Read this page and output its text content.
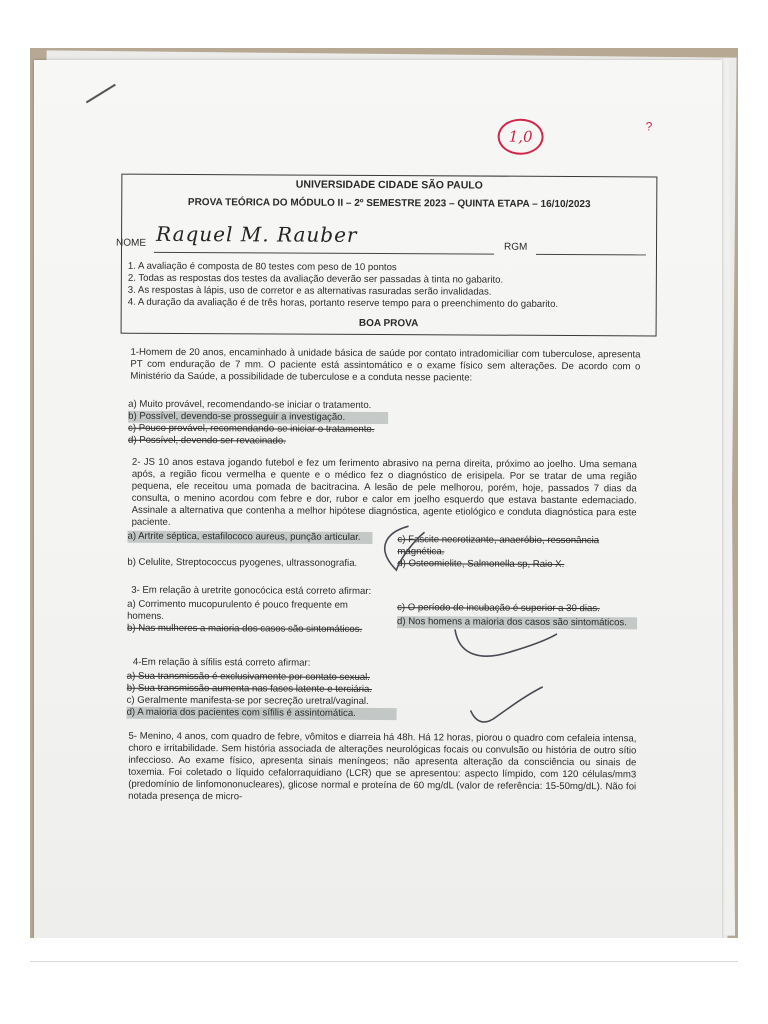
1,0
?
UNIVERSIDADE CIDADE SÃO PAULO
PROVA TEÓRICA DO MÓDULO II – 2º SEMESTRE 2023 – QUINTA ETAPA – 16/10/2023
NOME Raquel M. Rauber
RGM
1. A avaliação é composta de 80 testes com peso de 10 pontos
2. Todas as respostas dos testes da avaliação deverão ser passadas à tinta no gabarito.
3. As respostas à lápis, uso de corretor e as alternativas rasuradas serão invalidadas.
4. A duração da avaliação é de três horas, portanto reserve tempo para o preenchimento do gabarito.
BOA PROVA
1-Homem de 20 anos, encaminhado à unidade básica de saúde por contato intradomiciliar com tuberculose, apresenta PT com enduração de 7 mm. O paciente está assintomático e o exame físico sem alterações. De acordo com o Ministério da Saúde, a possibilidade de tuberculose e a conduta nesse paciente:
a) Muito provável, recomendando-se iniciar o tratamento.
b) Possível, devendo-se prosseguir a investigação.
c) Pouco provável, recomendando-se iniciar o tratamento.
d) Possível, devendo ser revacinado.
2- JS 10 anos estava jogando futebol e fez um ferimento abrasivo na perna direita, próximo ao joelho. Uma semana após, a região ficou vermelha e quente e o médico fez o diagnóstico de erisipela. Por se tratar de uma região pequena, ele receitou uma pomada de bacitracina. A lesão de pele melhorou, porém, hoje, passados 7 dias da consulta, o menino acordou com febre e dor, rubor e calor em joelho esquerdo que estava bastante edemaciado. Assinale a alternativa que contenha a melhor hipótese diagnóstica, agente etiológico e conduta diagnóstica para este paciente.
a) Artrite séptica, estafilococo aureus, punção articular.
b) Celulite, Streptococcus pyogenes, ultrassonografia.
c) Fascite necrotizante, anaeróbio, ressonância magnética.
d) Osteomielite, Salmonella sp, Raio X.
3- Em relação à uretrite gonocócica está correto afirmar:
a) Corrimento mucopurulento é pouco frequente em homens.
b) Nas mulheres a maioria dos casos são sintomáticos.
c) O período de incubação é superior a 30 dias.
d) Nos homens a maioria dos casos são sintomáticos.
4-Em relação à sífilis está correto afirmar:
a) Sua transmissão é exclusivamente por contato sexual.
b) Sua transmissão aumenta nas fases latente e terciária.
c) Geralmente manifesta-se por secreção uretral/vaginal.
d) A maioria dos pacientes com sífilis é assintomática.
5- Menino, 4 anos, com quadro de febre, vômitos e diarreia há 48h. Há 12 horas, piorou o quadro com cefaleia intensa, choro e irritabilidade. Sem história associada de alterações neurológicas focais ou convulsão ou história de outro sítio infeccioso. Ao exame físico, apresenta sinais meníngeos; não apresenta alteração da consciência ou sinais de toxemia. Foi coletado o líquido cefalorraquidiano (LCR) que se apresentou: aspecto límpido, com 120 células/mm3 (predomínio de linfomononucleares), glicose normal e proteína de 60 mg/dL (valor de referência: 15-50mg/dL). Não foi notada presença de micro-
